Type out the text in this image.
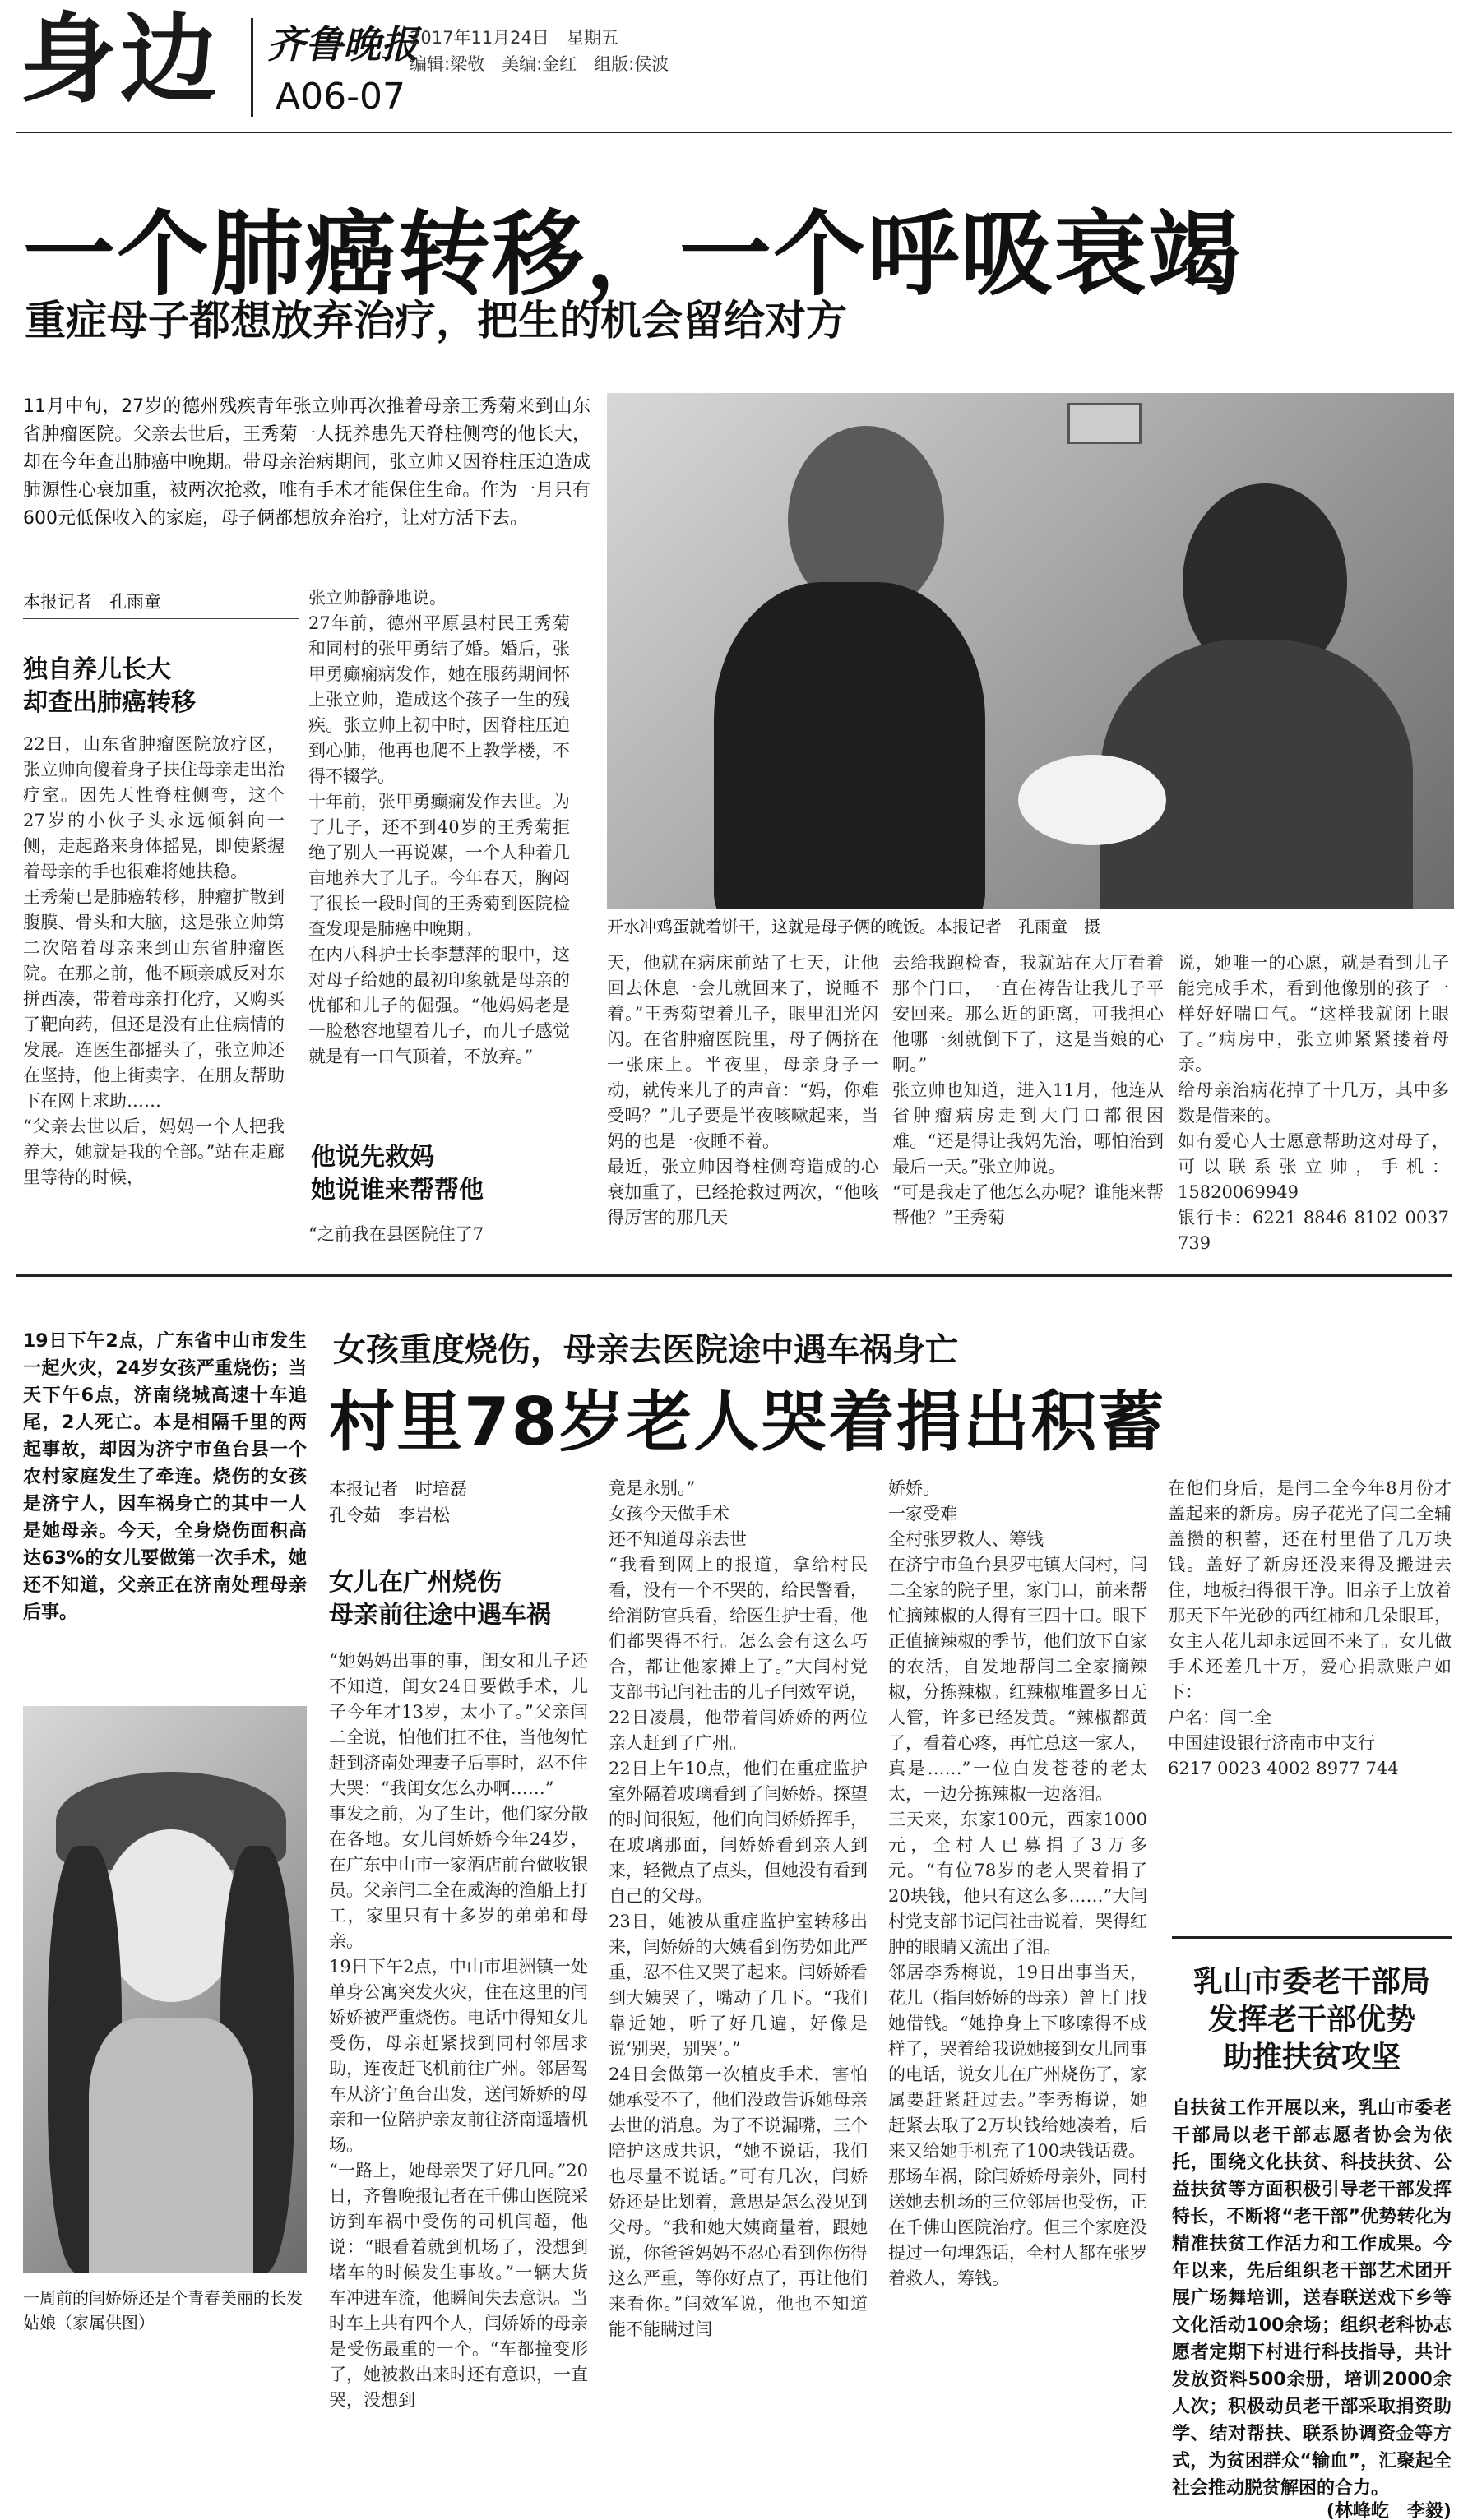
身边 齐鲁晚报
A06-07
2017年11月24日　星期五
编辑:梁敬　美编:金红　组版:侯波
一个肺癌转移，一个呼吸衰竭
重症母子都想放弃治疗，把生的机会留给对方
11月中旬，27岁的德州残疾青年张立帅再次推着母亲王秀菊来到山东省肿瘤医院。父亲去世后，王秀菊一人抚养患先天脊柱侧弯的他长大，却在今年查出肺癌中晚期。带母亲治病期间，张立帅又因脊柱压迫造成肺源性心衰加重，被两次抢救，唯有手术才能保住生命。作为一月只有600元低保收入的家庭，母子俩都想放弃治疗，让对方活下去。
本报记者　孔雨童
独自养儿长大
却查出肺癌转移
22日，山东省肿瘤医院放疗区，张立帅向傻着身子扶住母亲走出治疗室。因先天性脊柱侧弯，这个27岁的小伙子头永远倾斜向一侧，走起路来身体摇晃，即使紧握着母亲的手也很难将她扶稳。
王秀菊已是肺癌转移，肿瘤扩散到腹膜、骨头和大脑，这是张立帅第二次陪着母亲来到山东省肿瘤医院。在那之前，他不顾亲戚反对东拼西凑，带着母亲打化疗，又购买了靶向药，但还是没有止住病情的发展。连医生都摇头了，张立帅还在坚持，他上街卖字，在朋友帮助下在网上求助……
“父亲去世以后，妈妈一个人把我养大，她就是我的全部。”站在走廊里等待的时候，
张立帅静静地说。
27年前，德州平原县村民王秀菊和同村的张甲勇结了婚。婚后，张甲勇癫痫病发作，她在服药期间怀上张立帅，造成这个孩子一生的残疾。张立帅上初中时，因脊柱压迫到心肺，他再也爬不上教学楼，不得不辍学。
十年前，张甲勇癫痫发作去世。为了儿子，还不到40岁的王秀菊拒绝了别人一再说媒，一个人种着几亩地养大了儿子。今年春天，胸闷了很长一段时间的王秀菊到医院检查发现是肺癌中晚期。
在内八科护士长李慧萍的眼中，这对母子给她的最初印象就是母亲的忧郁和儿子的倔强。“他妈妈老是一脸愁容地望着儿子，而儿子感觉就是有一口气顶着，不放弃。”
他说先救妈
她说谁来帮帮他
“之前我在县医院住了7
开水冲鸡蛋就着饼干，这就是母子俩的晚饭。本报记者　孔雨童　摄
天，他就在病床前站了七天，让他回去休息一会儿就回来了，说睡不着。”王秀菊望着儿子，眼里泪光闪闪。在省肿瘤医院里，母子俩挤在一张床上。半夜里，母亲身子一动，就传来儿子的声音：“妈，你难受吗？”儿子要是半夜咳嗽起来，当妈的也是一夜睡不着。
最近，张立帅因脊柱侧弯造成的心衰加重了，已经抢救过两次，“他咳得厉害的那几天
去给我跑检查，我就站在大厅看着那个门口，一直在祷告让我儿子平安回来。那么近的距离，可我担心他哪一刻就倒下了，这是当娘的心啊。”
张立帅也知道，进入11月，他连从省肿瘤病房走到大门口都很困难。“还是得让我妈先治，哪怕治到最后一天。”张立帅说。
“可是我走了他怎么办呢？谁能来帮帮他？”王秀菊
说，她唯一的心愿，就是看到儿子能完成手术，看到他像别的孩子一样好好喘口气。“这样我就闭上眼了。”病房中，张立帅紧紧搂着母亲。
给母亲治病花掉了十几万，其中多数是借来的。
如有爱心人士愿意帮助这对母子，可以联系张立帅，手机：15820069949
银行卡：6221 8846 8102 0037 739
19日下午2点，广东省中山市发生一起火灾，24岁女孩严重烧伤；当天下午6点，济南绕城高速十车追尾，2人死亡。本是相隔千里的两起事故，却因为济宁市鱼台县一个农村家庭发生了牵连。烧伤的女孩是济宁人，因车祸身亡的其中一人是她母亲。今天，全身烧伤面积高达63%的女儿要做第一次手术，她还不知道，父亲正在济南处理母亲后事。
一周前的闫娇娇还是个青春美丽的长发姑娘（家属供图）
女孩重度烧伤，母亲去医院途中遇车祸身亡
村里78岁老人哭着捐出积蓄
本报记者　时培磊
孔令茹　李岩松
女儿在广州烧伤
母亲前往途中遇车祸
“她妈妈出事的事，闺女和儿子还不知道，闺女24日要做手术，儿子今年才13岁，太小了。”父亲闫二全说，怕他们扛不住，当他匆忙赶到济南处理妻子后事时，忍不住大哭：“我闺女怎么办啊……”
事发之前，为了生计，他们家分散在各地。女儿闫娇娇今年24岁，在广东中山市一家酒店前台做收银员。父亲闫二全在威海的渔船上打工，家里只有十多岁的弟弟和母亲。
19日下午2点，中山市坦洲镇一处单身公寓突发火灾，住在这里的闫娇娇被严重烧伤。电话中得知女儿受伤，母亲赶紧找到同村邻居求助，连夜赶飞机前往广州。邻居驾车从济宁鱼台出发，送闫娇娇的母亲和一位陪护亲友前往济南遥墙机场。
“一路上，她母亲哭了好几回。”20日，齐鲁晚报记者在千佛山医院采访到车祸中受伤的司机闫超，他说：“眼看着就到机场了，没想到堵车的时候发生事故。”一辆大货车冲进车流，他瞬间失去意识。当时车上共有四个人，闫娇娇的母亲是受伤最重的一个。“车都撞变形了，她被救出来时还有意识，一直哭，没想到
竟是永别。”
女孩今天做手术
还不知道母亲去世
“我看到网上的报道，拿给村民看，没有一个不哭的，给民警看，给消防官兵看，给医生护士看，他们都哭得不行。怎么会有这么巧合，都让他家摊上了。”大闫村党支部书记闫社击的儿子闫效军说，22日凌晨，他带着闫娇娇的两位亲人赶到了广州。
22日上午10点，他们在重症监护室外隔着玻璃看到了闫娇娇。探望的时间很短，他们向闫娇娇挥手，在玻璃那面，闫娇娇看到亲人到来，轻微点了点头，但她没有看到自己的父母。
23日，她被从重症监护室转移出来，闫娇娇的大姨看到伤势如此严重，忍不住又哭了起来。闫娇娇看到大姨哭了，嘴动了几下。“我们靠近她，听了好几遍，好像是说‘别哭，别哭’。”
24日会做第一次植皮手术，害怕她承受不了，他们没敢告诉她母亲去世的消息。为了不说漏嘴，三个陪护这成共识，“她不说话，我们也尽量不说话。”可有几次，闫娇娇还是比划着，意思是怎么没见到父母。“我和她大姨商量着，跟她说，你爸爸妈妈不忍心看到你伤得这么严重，等你好点了，再让他们来看你。”闫效军说，他也不知道能不能瞒过闫
娇娇。
一家受难
全村张罗救人、筹钱
在济宁市鱼台县罗屯镇大闫村，闫二全家的院子里，家门口，前来帮忙摘辣椒的人得有三四十口。眼下正值摘辣椒的季节，他们放下自家的农活，自发地帮闫二全家摘辣椒，分拣辣椒。红辣椒堆置多日无人管，许多已经发黄。“辣椒都黄了，看着心疼，再忙总这一家人，真是……”一位白发苍苍的老太太，一边分拣辣椒一边落泪。
三天来，东家100元，西家1000元，全村人已募捐了3万多元。“有位78岁的老人哭着捐了20块钱，他只有这么多……”大闫村党支部书记闫社击说着，哭得红肿的眼睛又流出了泪。
邻居李秀梅说，19日出事当天，花儿（指闫娇娇的母亲）曾上门找她借钱。“她挣身上下哆嗦得不成样了，哭着给我说她接到女儿同事的电话，说女儿在广州烧伤了，家属要赶紧赶过去。”李秀梅说，她赶紧去取了2万块钱给她凑着，后来又给她手机充了100块钱话费。
那场车祸，除闫娇娇母亲外，同村送她去机场的三位邻居也受伤，正在千佛山医院治疗。但三个家庭没提过一句埋怨话，全村人都在张罗着救人，筹钱。
在他们身后，是闫二全今年8月份才盖起来的新房。房子花光了闫二全辅盖攒的积蓄，还在村里借了几万块钱。盖好了新房还没来得及搬进去住，地板扫得很干净。旧亲子上放着那天下午光砂的西红柿和几朵眼耳，女主人花儿却永远回不来了。女儿做手术还差几十万，爱心捐款账户如下：
户名：闫二全
中国建设银行济南市中支行
6217 0023 4002 8977 744
乳山市委老干部局
发挥老干部优势
助推扶贫攻坚
自扶贫工作开展以来，乳山市委老干部局以老干部志愿者协会为依托，围绕文化扶贫、科技扶贫、公益扶贫等方面积极引导老干部发挥特长，不断将“老干部”优势转化为精准扶贫工作活力和工作成果。今年以来，先后组织老干部艺术团开展广场舞培训，送春联送戏下乡等文化活动100余场；组织老科协志愿者定期下村进行科技指导，共计发放资料500余册，培训2000余人次；积极动员老干部采取捐资助学、结对帮扶、联系协调资金等方式，为贫困群众“输血”，汇聚起全社会推动脱贫解困的合力。
(林峰屹　李毅)
